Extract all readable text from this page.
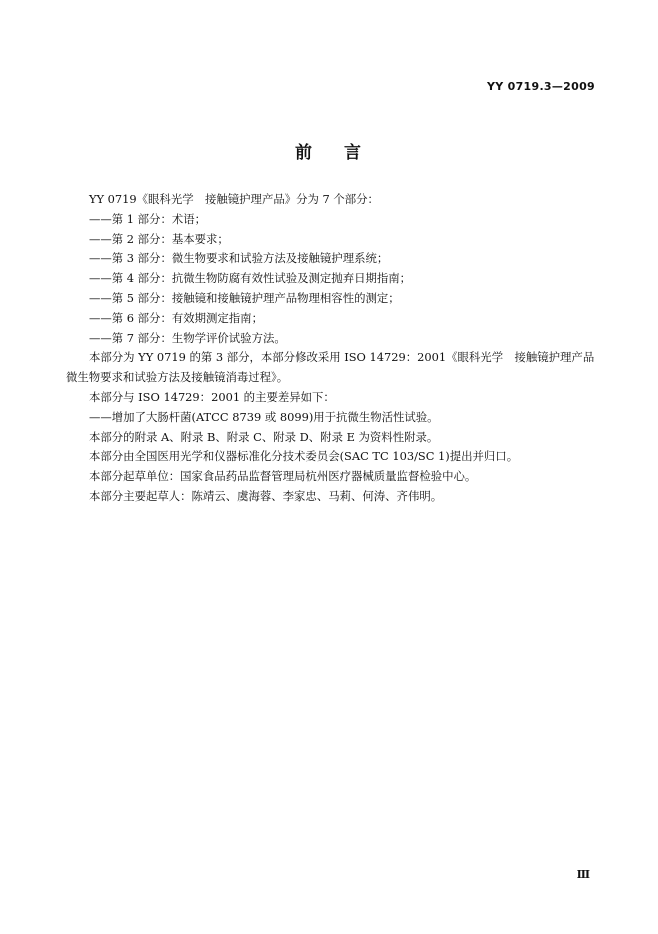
YY 0719.3—2009
前 言

YY 0719《眼科光学　接触镜护理产品》分为 7 个部分：

——第 1 部分：术语；

——第 2 部分：基本要求；

——第 3 部分：微生物要求和试验方法及接触镜护理系统；

——第 4 部分：抗微生物防腐有效性试验及测定抛弃日期指南；

——第 5 部分：接触镜和接触镜护理产品物理相容性的测定；

——第 6 部分：有效期测定指南；

——第 7 部分：生物学评价试验方法。

本部分为 YY 0719 的第 3 部分，本部分修改采用 ISO 14729：2001《眼科光学　接触镜护理产品微生物要求和试验方法及接触镜消毒过程》。

本部分与 ISO 14729：2001 的主要差异如下：

——增加了大肠杆菌(ATCC 8739 或 8099)用于抗微生物活性试验。

本部分的附录 A、附录 B、附录 C、附录 D、附录 E 为资料性附录。

本部分由全国医用光学和仪器标准化分技术委员会(SAC TC 103/SC 1)提出并归口。

本部分起草单位：国家食品药品监督管理局杭州医疗器械质量监督检验中心。

本部分主要起草人：陈靖云、虞海蓉、李家忠、马莉、何涛、齐伟明。

Ⅲ
